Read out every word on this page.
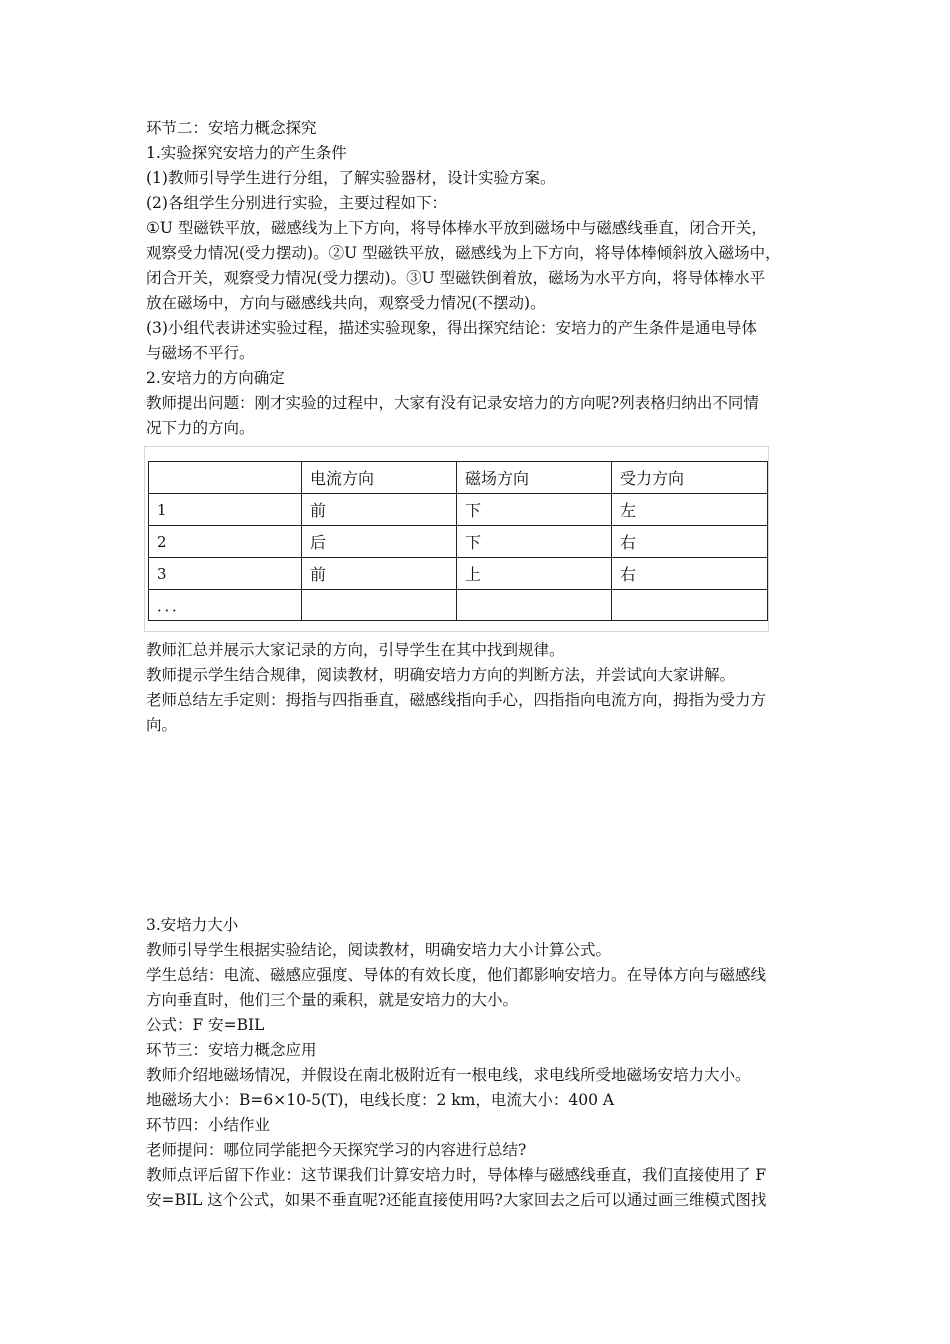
环节二：安培力概念探究

1.实验探究安培力的产生条件

(1)教师引导学生进行分组，了解实验器材，设计实验方案。

(2)各组学生分别进行实验，主要过程如下：

①U 型磁铁平放，磁感线为上下方向，将导体棒水平放到磁场中与磁感线垂直，闭合开关，

观察受力情况(受力摆动)。②U 型磁铁平放，磁感线为上下方向，将导体棒倾斜放入磁场中，

闭合开关，观察受力情况(受力摆动)。③U 型磁铁倒着放，磁场为水平方向，将导体棒水平

放在磁场中，方向与磁感线共向，观察受力情况(不摆动)。

(3)小组代表讲述实验过程，描述实验现象，得出探究结论：安培力的产生条件是通电导体

与磁场不平行。

2.安培力的方向确定

教师提出问题：刚才实验的过程中，大家有没有记录安培力的方向呢?列表格归纳出不同情

况下力的方向。

	电流方向	磁场方向	受力方向
1	前	下	左
2	后	下	右
3	前	上	右
．．．			

教师汇总并展示大家记录的方向，引导学生在其中找到规律。

教师提示学生结合规律，阅读教材，明确安培力方向的判断方法，并尝试向大家讲解。

老师总结左手定则：拇指与四指垂直，磁感线指向手心，四指指向电流方向，拇指为受力方

向。

3.安培力大小

教师引导学生根据实验结论，阅读教材，明确安培力大小计算公式。

学生总结：电流、磁感应强度、导体的有效长度，他们都影响安培力。在导体方向与磁感线

方向垂直时，他们三个量的乘积，就是安培力的大小。

公式：F 安=BIL

环节三：安培力概念应用

教师介绍地磁场情况，并假设在南北极附近有一根电线，求电线所受地磁场安培力大小。

地磁场大小：B=6×10-5(T)，电线长度：2 km，电流大小：400 A

环节四：小结作业

老师提问：哪位同学能把今天探究学习的内容进行总结?

教师点评后留下作业：这节课我们计算安培力时，导体棒与磁感线垂直，我们直接使用了 F

安=BIL 这个公式，如果不垂直呢?还能直接使用吗?大家回去之后可以通过画三维模式图找
